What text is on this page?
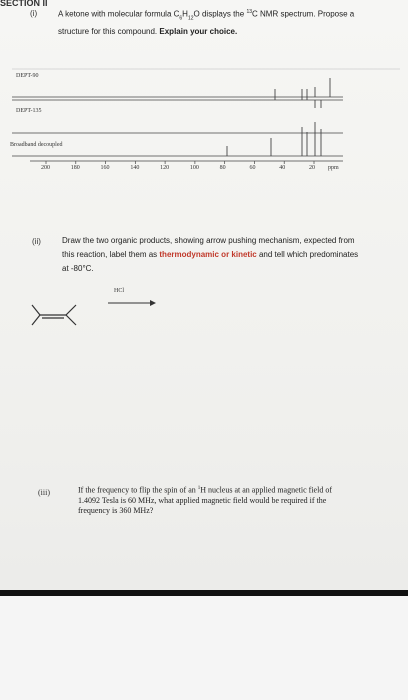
SECTION II
(i)	A ketone with molecular formula $C_6H_{12}O$ displays the $^{13}$C NMR spectrum. Propose a
structure for this compound. Explain your choice.
DEPT-90
DEPT-135
Broadband decoupled
200	180	160	140	120	100	80	60	40	20 ppm
(ii)	Draw the two organic products, showing arrow pushing mechanism, expected from
this reaction, label them as thermodynamic or kinetic and tell which predominates
at -80°C.
HCl
(iii)	If the frequency to flip the spin of an $^1$H nucleus at an applied magnetic field of
1.4092 Tesla is 60 MHz, what applied magnetic field would be required if the
frequency is 360 MHz?
